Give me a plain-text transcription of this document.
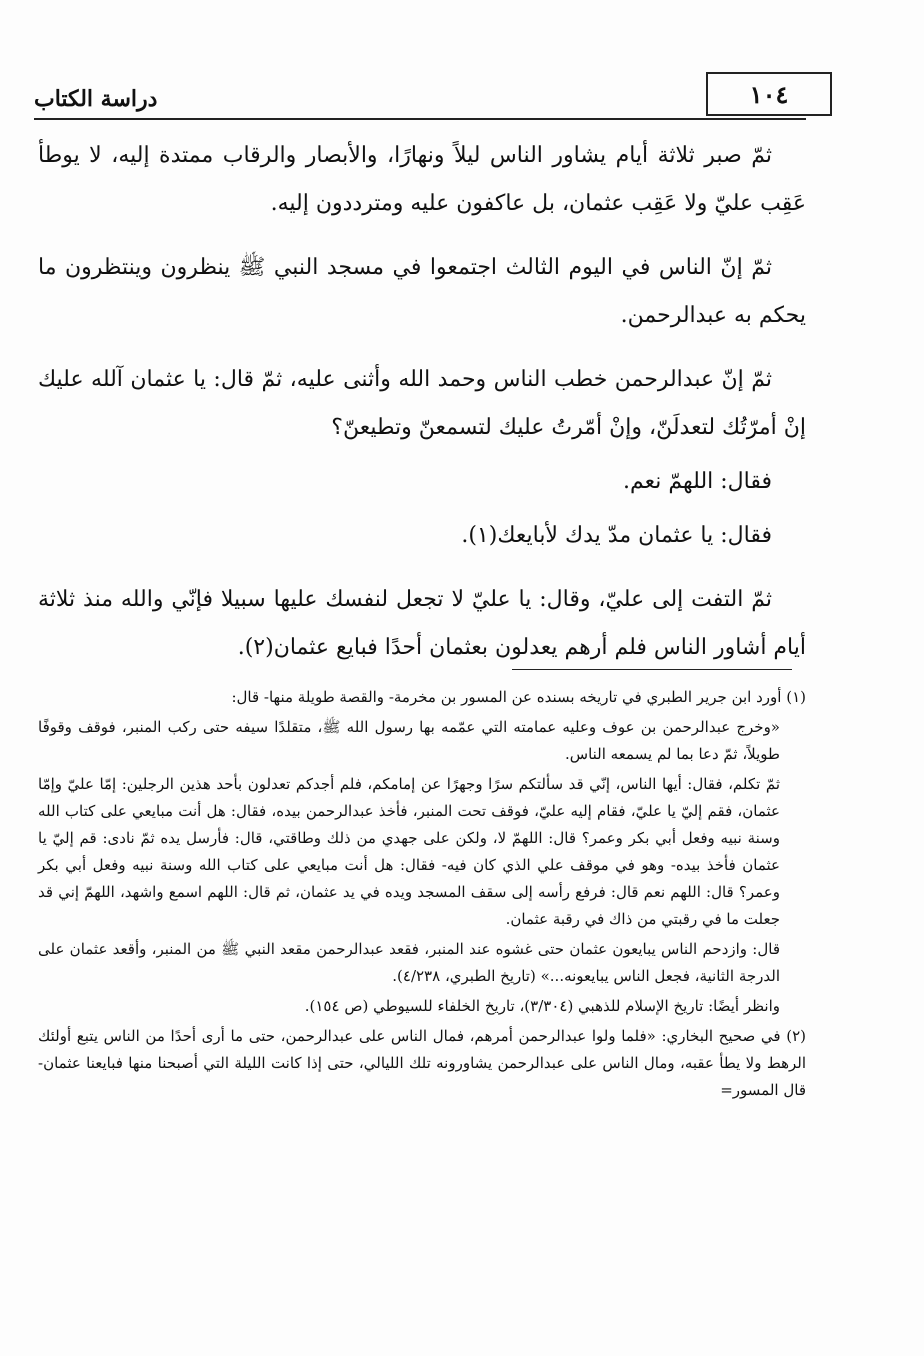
١٠٤
دراسة الكتاب

ثمّ صبر ثلاثة أيام يشاور الناس ليلاً ونهارًا، والأبصار والرقاب ممتدة إليه، لا يوطأ عَقِب عليّ ولا عَقِب عثمان، بل عاكفون عليه ومترددون إليه.

ثمّ إنّ الناس في اليوم الثالث اجتمعوا في مسجد النبي ﷺ ينظرون وينتظرون ما يحكم به عبدالرحمن.

ثمّ إنّ عبدالرحمن خطب الناس وحمد الله وأثنى عليه، ثمّ قال: يا عثمان آلله عليك إنْ أمرّتُك لتعدلَنّ، وإنْ أمّرتُ عليك لتسمعنّ وتطيعنّ؟

فقال: اللهمّ نعم.

فقال: يا عثمان مدّ يدك لأبايعك(١).

ثمّ التفت إلى عليّ، وقال: يا عليّ لا تجعل لنفسك عليها سبيلا فإنّي والله منذ ثلاثة أيام أشاور الناس فلم أرهم يعدلون بعثمان أحدًا فبايع عثمان(٢).

(١) أورد ابن جرير الطبري في تاريخه بسنده عن المسور بن مخرمة- والقصة طويلة منها- قال:

«وخرج عبدالرحمن بن عوف وعليه عمامته التي عمّمه بها رسول الله ﷺ، متقلدًا سيفه حتى ركب المنبر، فوقف وقوفًا طويلاً، ثمّ دعا بما لم يسمعه الناس.

ثمّ تكلم، فقال: أيها الناس، إنّي قد سألتكم سرًا وجهرًا عن إمامكم، فلم أجدكم تعدلون بأحد هذين الرجلين: إمّا عليّ وإمّا عثمان، فقم إليّ يا عليّ، فقام إليه عليّ، فوقف تحت المنبر، فأخذ عبدالرحمن بيده، فقال: هل أنت مبايعي على كتاب الله وسنة نبيه وفعل أبي بكر وعمر؟ قال: اللهمّ لا، ولكن على جهدي من ذلك وطاقتي، قال: فأرسل يده ثمّ نادى: قم إليّ يا عثمان فأخذ بيده- وهو في موقف علي الذي كان فيه- فقال: هل أنت مبايعي على كتاب الله وسنة نبيه وفعل أبي بكر وعمر؟ قال: اللهم نعم قال: فرفع رأسه إلى سقف المسجد ويده في يد عثمان، ثم قال: اللهم اسمع واشهد، اللهمّ إني قد جعلت ما في رقبتي من ذاك في رقبة عثمان.

قال: وازدحم الناس يبايعون عثمان حتى غشوه عند المنبر، فقعد عبدالرحمن مقعد النبي ﷺ من المنبر، وأقعد عثمان على الدرجة الثانية، فجعل الناس يبايعونه...» (تاريخ الطبري، ٤/٢٣٨).

وانظر أيضًا: تاريخ الإسلام للذهبي (٣/٣٠٤)، تاريخ الخلفاء للسيوطي (ص ١٥٤).

(٢) في صحيح البخاري: «فلما ولوا عبدالرحمن أمرهم، فمال الناس على عبدالرحمن، حتى ما أرى أحدًا من الناس يتبع أولئك الرهط ولا يطأ عقبه، ومال الناس على عبدالرحمن يشاورونه تلك الليالي، حتى إذا كانت الليلة التي أصبحنا منها فبايعنا عثمان- قال المسور=
